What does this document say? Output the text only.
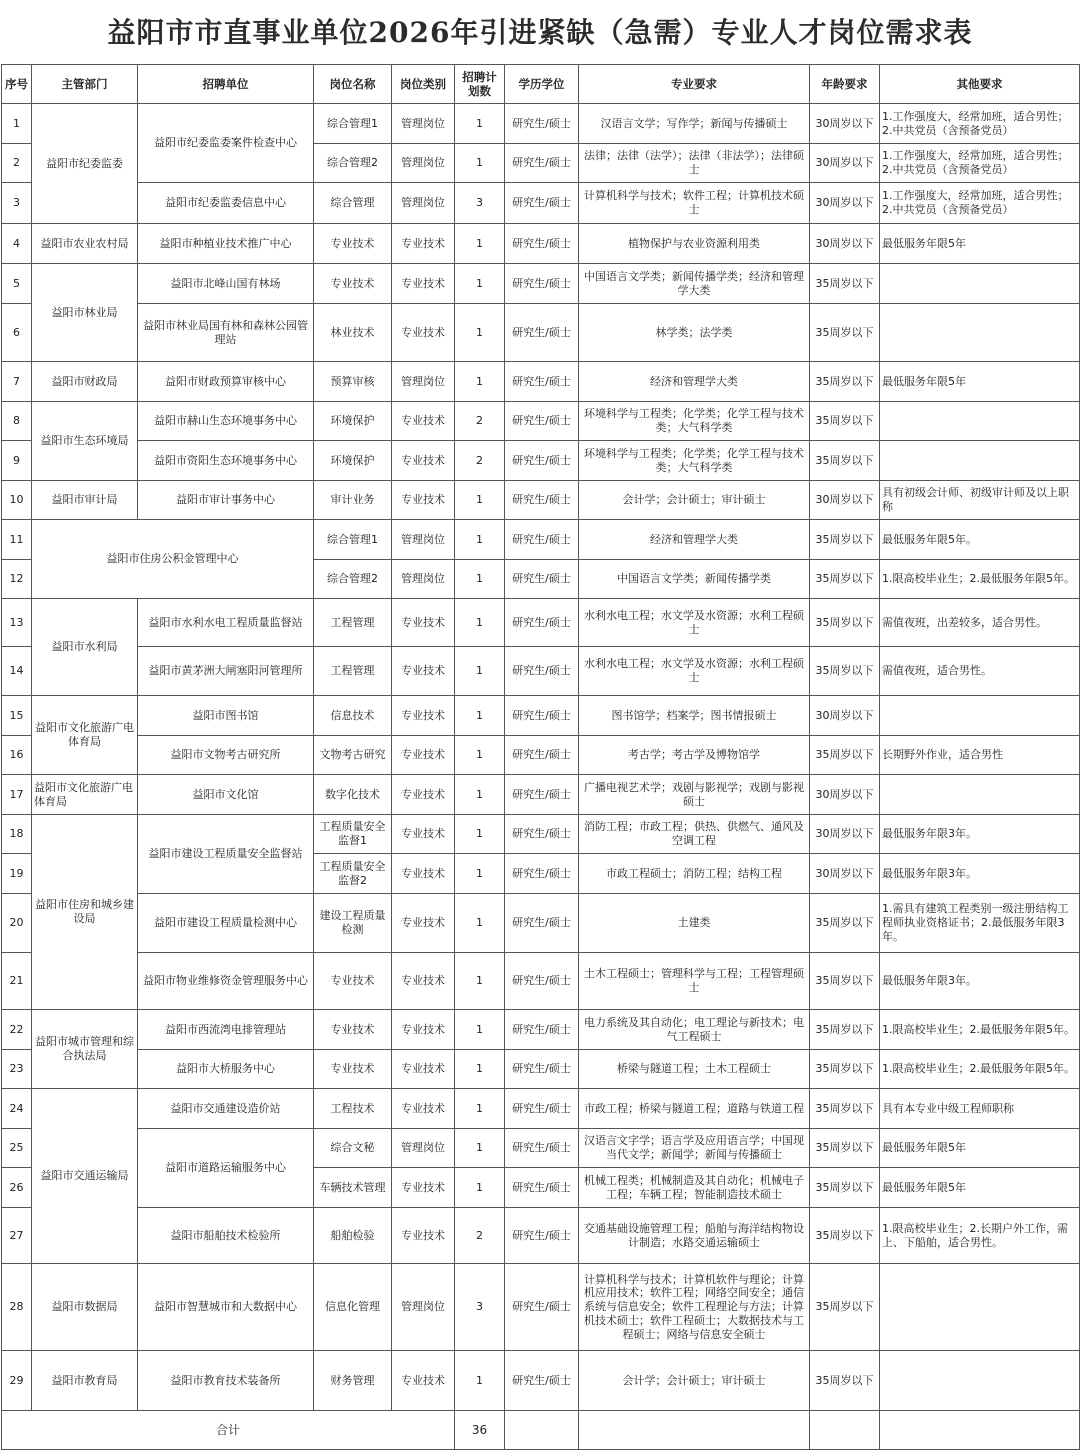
益阳市市直事业单位2026年引进紧缺（急需）专业人才岗位需求表
序号	主管部门	招聘单位	岗位名称	岗位类别	招聘计划数	学历学位	专业要求	年龄要求	其他要求
1	益阳市纪委监委	益阳市纪委监委案件检查中心	综合管理1	管理岗位	1	研究生/硕士	汉语言文学；写作学；新闻与传播硕士	30周岁以下	1.工作强度大，经常加班，适合男性；2.中共党员（含预备党员）
2			综合管理2	管理岗位	1	研究生/硕士	法律；法律（法学）；法律（非法学）；法律硕士	30周岁以下	1.工作强度大，经常加班，适合男性；2.中共党员（含预备党员）
3		益阳市纪委监委信息中心	综合管理	管理岗位	3	研究生/硕士	计算机科学与技术；软件工程；计算机技术硕士	30周岁以下	1.工作强度大，经常加班，适合男性；2.中共党员（含预备党员）
4	益阳市农业农村局	益阳市种植业技术推广中心	专业技术	专业技术	1	研究生/硕士	植物保护与农业资源利用类	30周岁以下	最低服务年限5年
5	益阳市林业局	益阳市北峰山国有林场	专业技术	专业技术	1	研究生/硕士	中国语言文学类；新闻传播学类；经济和管理学大类	35周岁以下	
6		益阳市林业局国有林和森林公园管理站	林业技术	专业技术	1	研究生/硕士	林学类；法学类	35周岁以下	
7	益阳市财政局	益阳市财政预算审核中心	预算审核	管理岗位	1	研究生/硕士	经济和管理学大类	35周岁以下	最低服务年限5年
8	益阳市生态环境局	益阳市赫山生态环境事务中心	环境保护	专业技术	2	研究生/硕士	环境科学与工程类；化学类；化学工程与技术类；大气科学类	35周岁以下	
9		益阳市资阳生态环境事务中心	环境保护	专业技术	2	研究生/硕士	环境科学与工程类；化学类；化学工程与技术类；大气科学类	35周岁以下	
10	益阳市审计局	益阳市审计事务中心	审计业务	专业技术	1	研究生/硕士	会计学；会计硕士；审计硕士	30周岁以下	具有初级会计师、初级审计师及以上职称
11	益阳市住房公积金管理中心		综合管理1	管理岗位	1	研究生/硕士	经济和管理学大类	35周岁以下	最低服务年限5年。
12			综合管理2	管理岗位	1	研究生/硕士	中国语言文学类；新闻传播学类	35周岁以下	1.限高校毕业生；2.最低服务年限5年。
13	益阳市水利局	益阳市水利水电工程质量监督站	工程管理	专业技术	1	研究生/硕士	水利水电工程；水文学及水资源；水利工程硕士	35周岁以下	需值夜班，出差较多，适合男性。
14		益阳市黄茅洲大闸塞阳河管理所	工程管理	专业技术	1	研究生/硕士	水利水电工程；水文学及水资源；水利工程硕士	35周岁以下	需值夜班，适合男性。
15	益阳市文化旅游广电体育局	益阳市图书馆	信息技术	专业技术	1	研究生/硕士	图书馆学；档案学；图书情报硕士	30周岁以下	
16		益阳市文物考古研究所	文物考古研究	专业技术	1	研究生/硕士	考古学；考古学及博物馆学	35周岁以下	长期野外作业，适合男性
17	益阳市文化旅游广电体育局	益阳市文化馆	数字化技术	专业技术	1	研究生/硕士	广播电视艺术学；戏剧与影视学；戏剧与影视硕士	30周岁以下	
18	益阳市住房和城乡建设局	益阳市建设工程质量安全监督站	工程质量安全监督1	专业技术	1	研究生/硕士	消防工程；市政工程；供热、供燃气、通风及空调工程	30周岁以下	最低服务年限3年。
19			工程质量安全监督2	专业技术	1	研究生/硕士	市政工程硕士；消防工程；结构工程	30周岁以下	最低服务年限3年。
20		益阳市建设工程质量检测中心	建设工程质量检测	专业技术	1	研究生/硕士	土建类	35周岁以下	1.需具有建筑工程类别一级注册结构工程师执业资格证书；2.最低服务年限3年。
21		益阳市物业维修资金管理服务中心	专业技术	专业技术	1	研究生/硕士	土木工程硕士；管理科学与工程；工程管理硕士	35周岁以下	最低服务年限3年。
22	益阳市城市管理和综合执法局	益阳市西流湾电排管理站	专业技术	专业技术	1	研究生/硕士	电力系统及其自动化；电工理论与新技术；电气工程硕士	35周岁以下	1.限高校毕业生；2.最低服务年限5年。
23		益阳市大桥服务中心	专业技术	专业技术	1	研究生/硕士	桥梁与隧道工程；土木工程硕士	35周岁以下	1.限高校毕业生；2.最低服务年限5年。
24	益阳市交通运输局	益阳市交通建设造价站	工程技术	专业技术	1	研究生/硕士	市政工程；桥梁与隧道工程；道路与铁道工程	35周岁以下	具有本专业中级工程师职称
25		益阳市道路运输服务中心	综合文秘	管理岗位	1	研究生/硕士	汉语言文字学；语言学及应用语言学；中国现当代文学；新闻学；新闻与传播硕士	35周岁以下	最低服务年限5年
26			车辆技术管理	专业技术	1	研究生/硕士	机械工程类；机械制造及其自动化；机械电子工程；车辆工程；智能制造技术硕士	35周岁以下	最低服务年限5年
27		益阳市船舶技术检验所	船舶检验	专业技术	2	研究生/硕士	交通基础设施管理工程；船舶与海洋结构物设计制造；水路交通运输硕士	35周岁以下	1.限高校毕业生；2.长期户外工作，需上、下船舶，适合男性。
28	益阳市数据局	益阳市智慧城市和大数据中心	信息化管理	管理岗位	3	研究生/硕士	计算机科学与技术；计算机软件与理论；计算机应用技术；软件工程；网络空间安全；通信系统与信息安全；软件工程理论与方法；计算机技术硕士；软件工程硕士；大数据技术与工程硕士；网络与信息安全硕士	35周岁以下	
29	益阳市教育局	益阳市教育技术装备所	财务管理	专业技术	1	研究生/硕士	会计学；会计硕士；审计硕士	35周岁以下	
合计					36				
